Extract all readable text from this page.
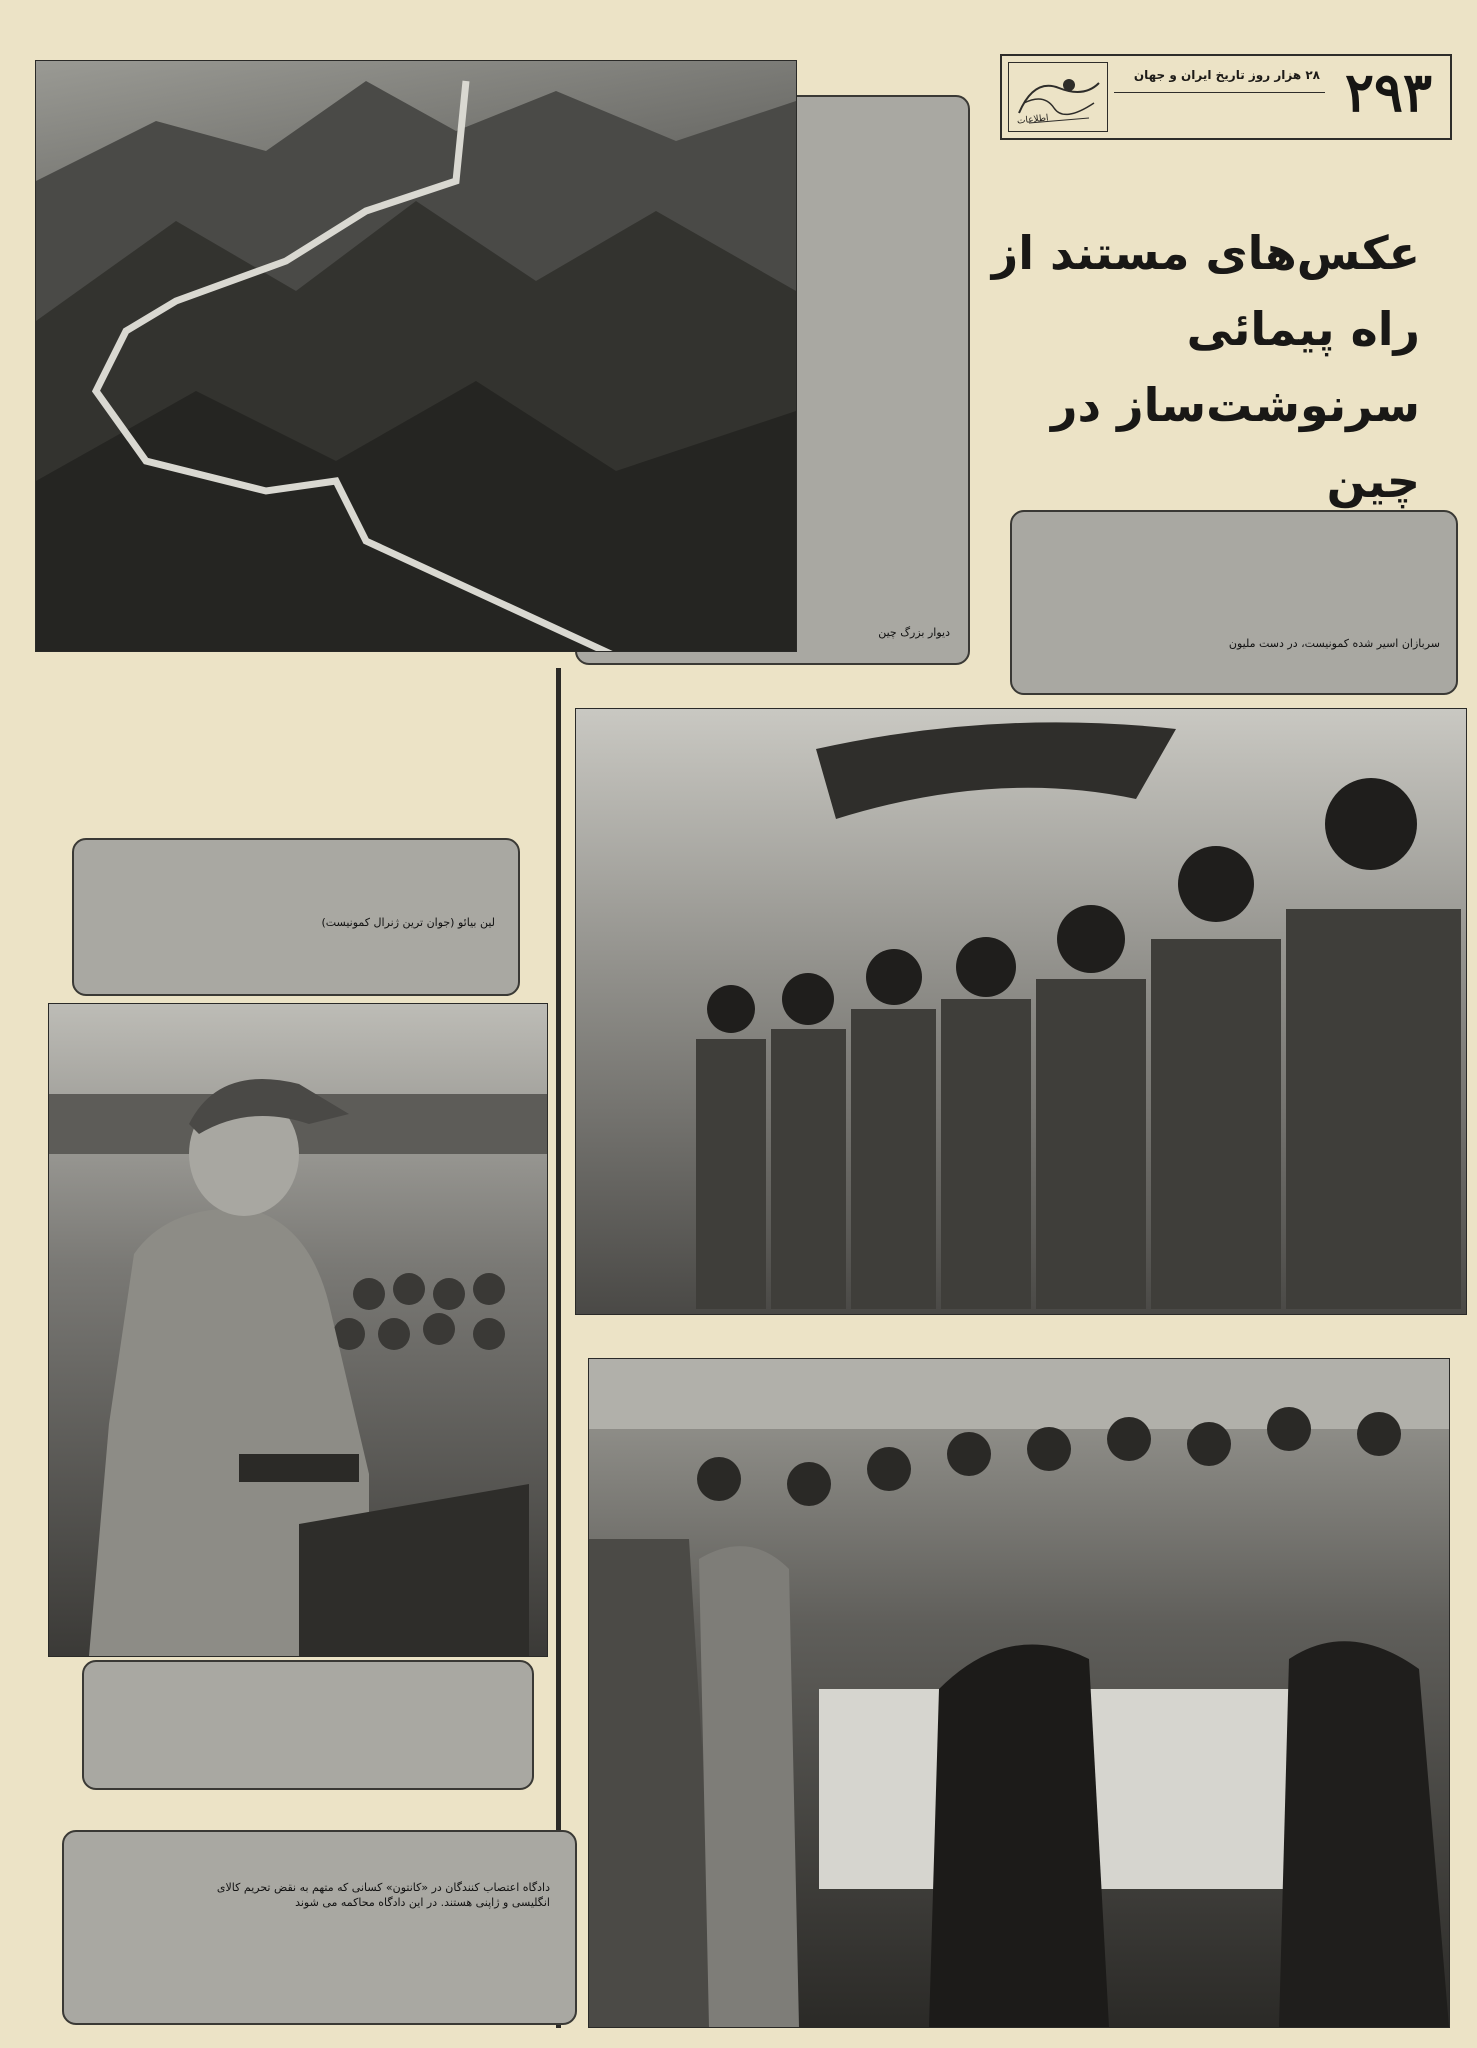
اطلاعات
۲۸ هزار روز تاریخ ایران و جهان ۲۹۳
عکس‌های مستند از راه پیمائی
سرنوشت‌ساز در چین
دیوار بزرگ چین
سربازان اسیر شده کمونیست، در دست ملیون
لین بیائو (جوان ترین ژنرال کمونیست)
دادگاه اعتصاب کنندگان در «کانتون» کسانی که متهم به نقض تحریم کالای انگلیسی و ژاپنی هستند. در این دادگاه محاکمه می شوند
